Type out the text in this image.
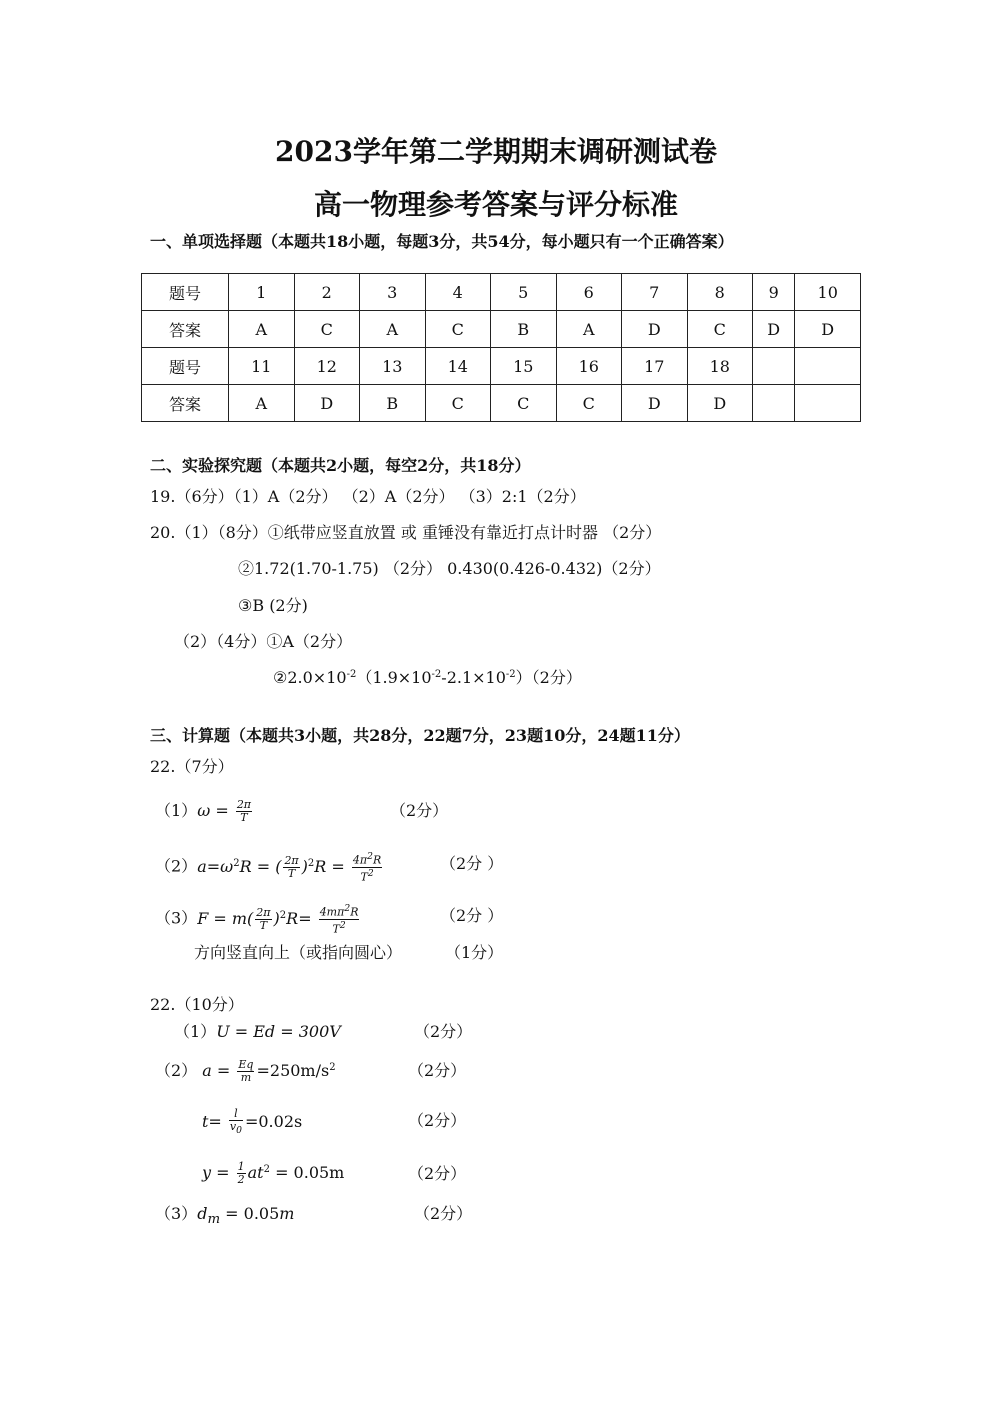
2023学年第二学期期末调研测试卷
高一物理参考答案与评分标准
一、单项选择题（本题共18小题，每题3分，共54分，每小题只有一个正确答案）
题号	1	2	3	4	5	6	7	8	9	10
答案	A	C	A	C	B	A	D	C	D	D
题号	11	12	13	14	15	16	17	18		
答案	A	D	B	C	C	C	D	D		
二、实验探究题（本题共2小题，每空2分，共18分）
19.（6分）（1）A（2分） （2）A（2分） （3）2:1（2分）
20.（1）（8分）①纸带应竖直放置 或 重锤没有靠近打点计时器 （2分）
②1.72(1.70-1.75) （2分） 0.430(0.426-0.432)（2分）
③B (2分)
（2）（4分）①A（2分）
$②2.0\times 10^{-2}(1.9\times 10^{-2}-2.1\times 10^{-2})(2$分）
三、计算题（本题共3小题，共28分，22题7分，23题10分，24题11分）
22.（7分）
$(1)\omega = \frac{2\pi}{T}$	（2分）
$(2)a=\omega^2R$ = ( $\frac{2\pi}{T} )^2R = \frac{4\pi^2R}{T^2}$	（2分 ）
$(3)F = m( \frac{2\pi}{T} )^2R= \frac{4m\pi^2R}{T^2}$	（2分 ）
方向竖直向上（或指向圆心）	（1分）
22.（10分）
（1）U = Ed = 300V	（2分）
（2） $a = \frac{Eq}{m} =250m/s^2$	（2分）
$t= \frac{l}{v_0} =0.02s$	（2分）
$y = \frac{1}{2} at^2 = 0.05m$	（2分）
$(3)d_m = 0.05m$	（2分）
